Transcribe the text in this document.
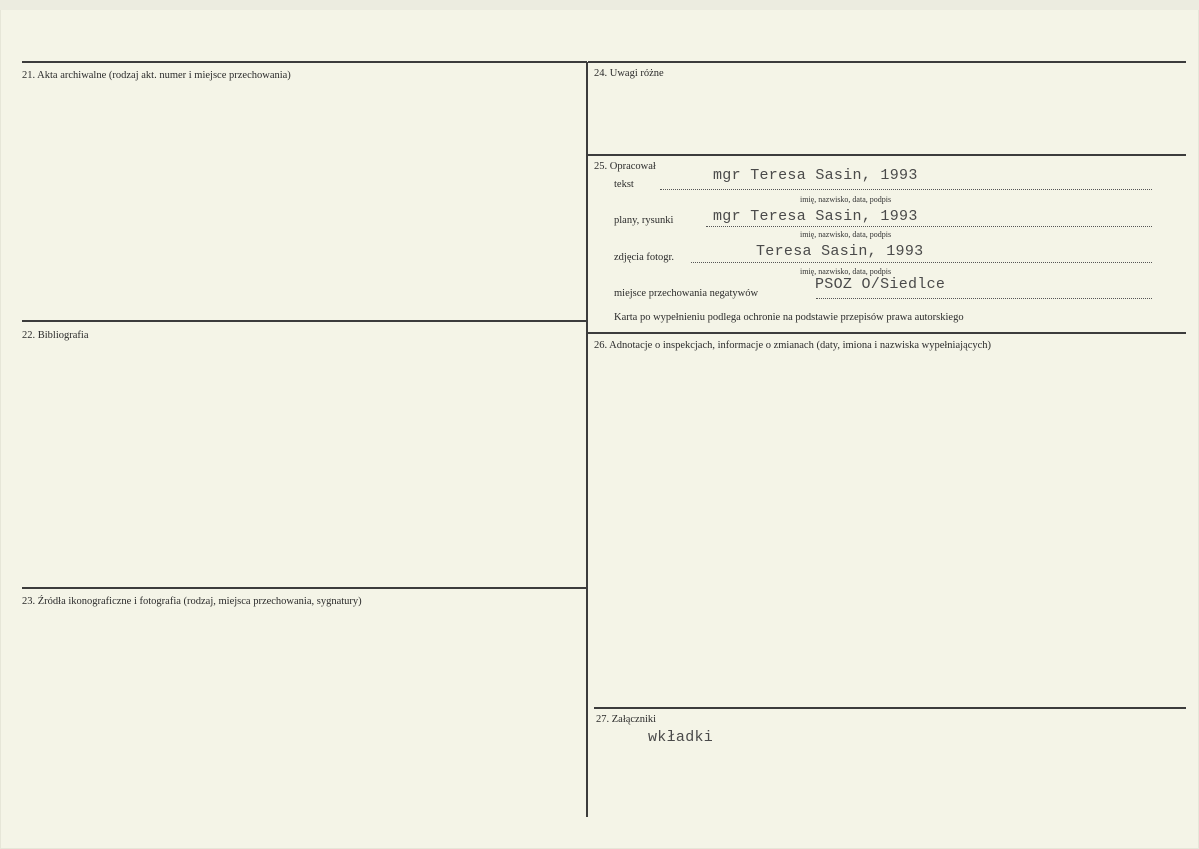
21. Akta archiwalne (rodzaj akt. numer i miejsce przechowania)
22. Bibliografia
23. Źródła ikonograficzne i fotografia (rodzaj, miejsca przechowania, sygnatury)
24. Uwagi różne
25. Opracował
tekst
mgr Teresa Sasin, 1993
imię, nazwisko, data, podpis
plany, rysunki	mgr Teresa Sasin, 1993
imię, nazwisko, data, podpis
zdjęcia fotogr.	Teresa Sasin, 1993
imię, nazwisko, data, podpis
miejsce przechowania negatywów
PSOZ O/Siedlce
Karta po wypełnieniu podlega ochronie na podstawie przepisów prawa autorskiego
26. Adnotacje o inspekcjach, informacje o zmianach (daty, imiona i nazwiska wypełniających)
27. Załączniki
wkładki
